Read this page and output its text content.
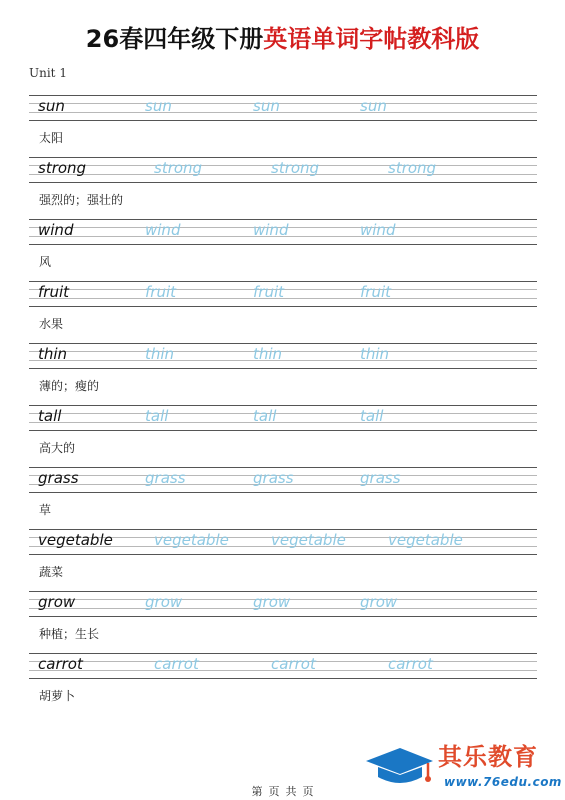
26春四年级下册英语单词字帖教科版
Unit 1
sun	sun	sun	sun
太阳
strong	strong	strong	strong
强烈的；强壮的
wind	wind	wind	wind
风
fruit	fruit	fruit	fruit
水果
thin	thin	thin	thin
薄的；瘦的
tall	tall	tall	tall
高大的
grass	grass	grass	grass
草
vegetable	vegetable	vegetable	vegetable
蔬菜
grow	grow	grow	grow
种植；生长
carrot	carrot	carrot	carrot
胡萝卜
第 页 共 页
其乐教育
www.76edu.com
